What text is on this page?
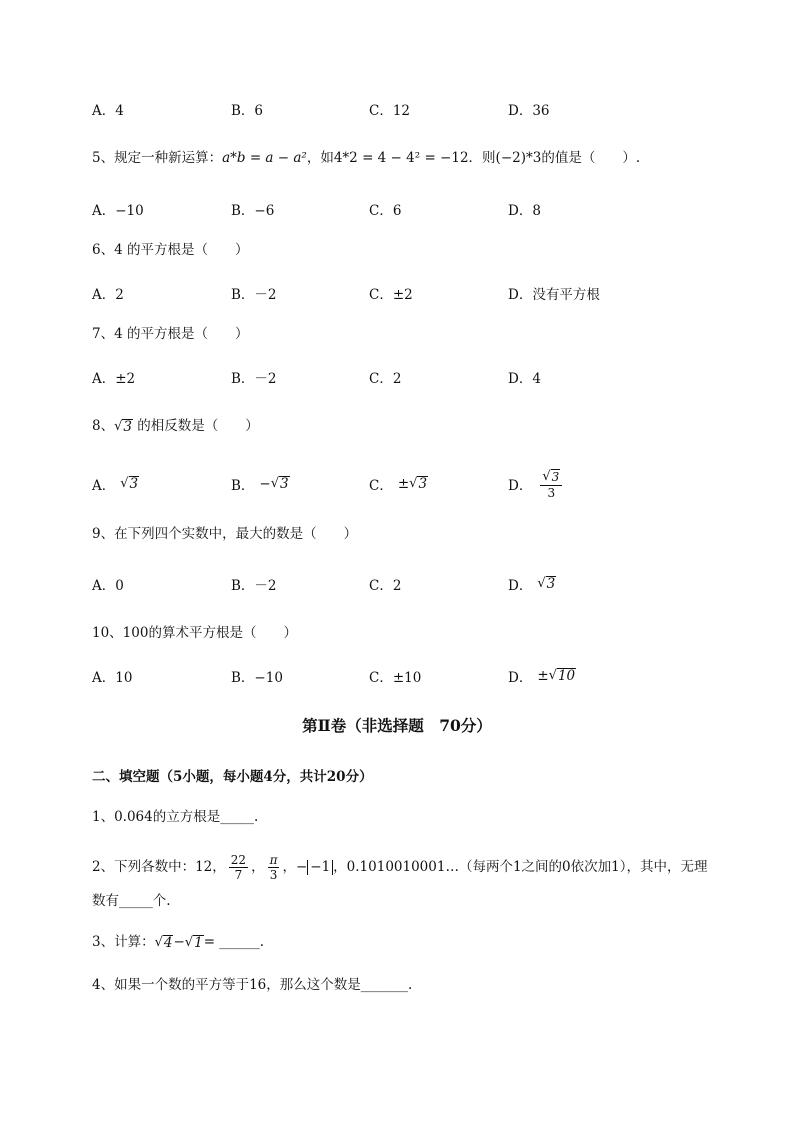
A．4	B．6	C．12	D．36
5、规定一种新运算：a*b = a − a²，如4*2 = 4 − 4² = −12．则(−2)*3的值是（　　）.
A．−10	B．−6	C．6	D．8
6、4 的平方根是（　　）
A．2	B．－2	C．±2	D．没有平方根
7、4 的平方根是（　　）
A．±2	B．－2	C．2	D．4
8、 √ 3 的相反数是（　　）
A． √ 3	B． − √ 3	C． ± √ 3	D． $\frac{√ 3}{3}$
9、在下列四个实数中，最大的数是（　　）
A．0	B．－2	C．2	D． √ 3
10、100的算术平方根是（　　）
A．10	B．−10	C．±10	D． ± √ 10
第Ⅱ卷（非选择题　70分）
二、填空题（5小题，每小题4分，共计20分）
1、0.064的立方根是_____.
2、下列各数中：12， $\frac{22}{7}$ ， $\frac{\pi}{3}$ ， − −1 ，0.1010010001…（每两个1之间的0依次加1），其中，无理
数有_____个.
3、计算： √ 4 − √ 1 = ______.
4、如果一个数的平方等于16，那么这个数是_______.
